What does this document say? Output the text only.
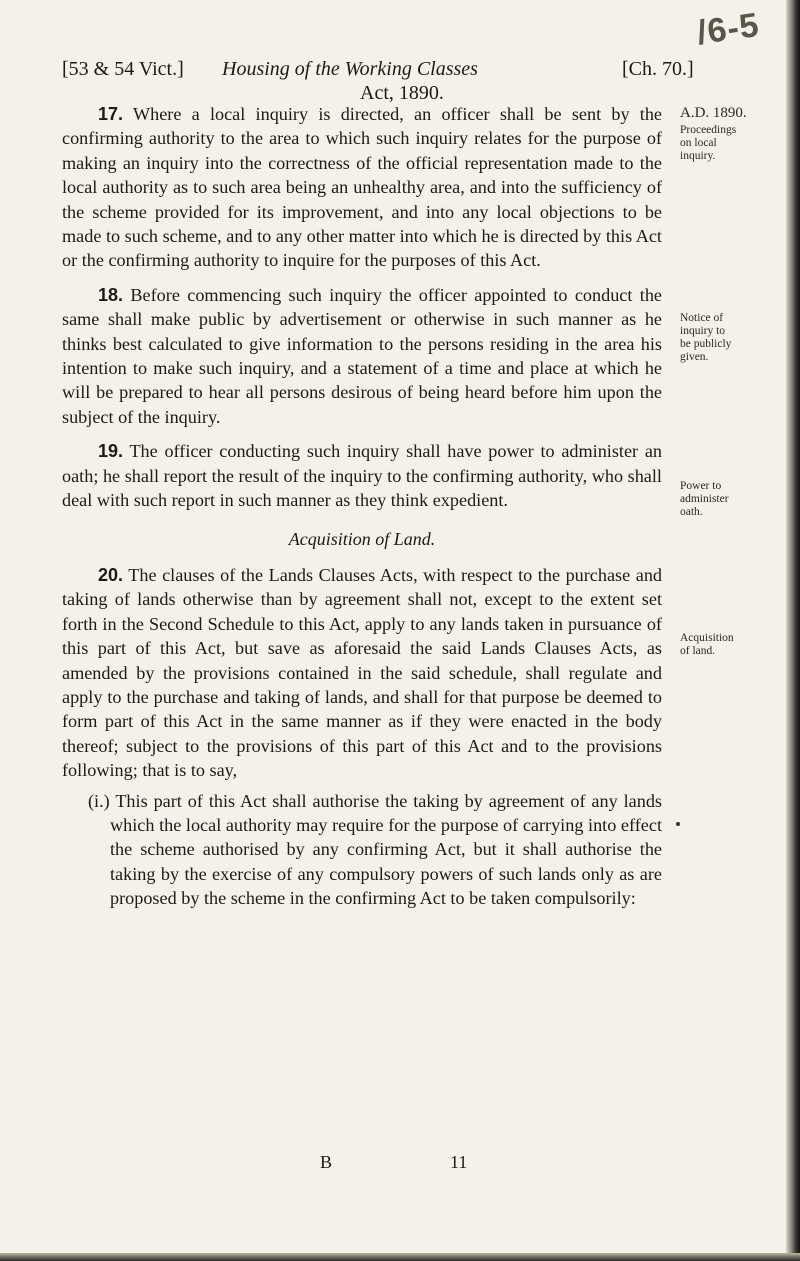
/6-5
[53 & 54 Vict.] Housing of the Working Classes	[Ch. 70.]
Act, 1890.

17. Where a local inquiry is directed, an officer shall be sent by the confirming authority to the area to which such inquiry relates for the purpose of making an inquiry into the correctness of the official representation made to the local authority as to such area being an unhealthy area, and into the sufficiency of the scheme provided for its improvement, and into any local objections to be made to such scheme, and to any other matter into which he is directed by this Act or the confirming authority to inquire for the purposes of this Act.

18. Before commencing such inquiry the officer appointed to conduct the same shall make public by advertisement or otherwise in such manner as he thinks best calculated to give information to the persons residing in the area his intention to make such inquiry, and a statement of a time and place at which he will be prepared to hear all persons desirous of being heard before him upon the subject of the inquiry.

19. The officer conducting such inquiry shall have power to administer an oath; he shall report the result of the inquiry to the confirming authority, who shall deal with such report in such manner as they think expedient.

Acquisition of Land.

20. The clauses of the Lands Clauses Acts, with respect to the purchase and taking of lands otherwise than by agreement shall not, except to the extent set forth in the Second Schedule to this Act, apply to any lands taken in pursuance of this part of this Act, but save as aforesaid the said Lands Clauses Acts, as amended by the provisions contained in the said schedule, shall regulate and apply to the purchase and taking of lands, and shall for that purpose be deemed to form part of this Act in the same manner as if they were enacted in the body thereof; subject to the provisions of this part of this Act and to the provisions following; that is to say,

(i.) This part of this Act shall authorise the taking by agreement of any lands which the local authority may require for the purpose of carrying into effect the scheme authorised by any confirming Act, but it shall authorise the taking by the exercise of any compulsory powers of such lands only as are proposed by the scheme in the confirming Act to be taken compulsorily:

A.D. 1890.
Proceedings
on local
inquiry.
Notice of
inquiry to
be publicly
given.
Power to
administer
oath.
Acquisition
of land.
B	11
